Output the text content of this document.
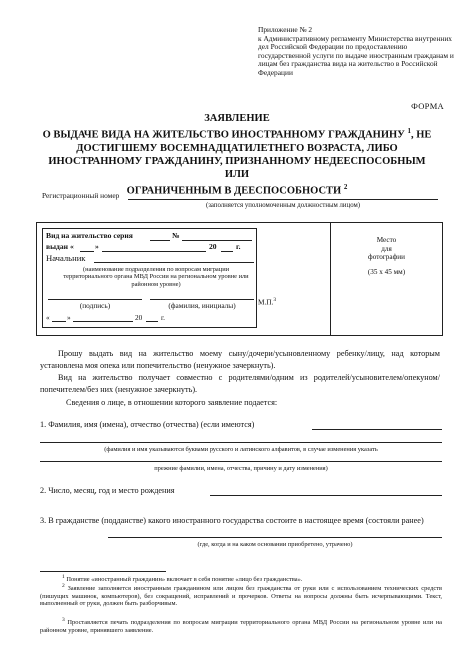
Приложение № 2
к Административному регламенту Министерства внутренних дел Российской Федерации по предоставлению государственной услуги по выдаче иностранным гражданам и лицам без гражданства вида на жительство в Российской Федерации
ФОРМА
ЗАЯВЛЕНИЕ
О ВЫДАЧЕ ВИДА НА ЖИТЕЛЬСТВО ИНОСТРАННОМУ ГРАЖДАНИНУ $^1$, НЕ ДОСТИГШЕМУ ВОСЕМНАДЦАТИЛЕТНЕГО ВОЗРАСТА, ЛИБО
ИНОСТРАННОМУ ГРАЖДАНИНУ, ПРИЗНАННОМУ НЕДЕЕСПОСОБНЫМ ИЛИ
ОГРАНИЧЕННЫМ В ДЕЕСПОСОБНОСТИ $^2$
Регистрационный номер
(заполняется уполномоченным должностным лицом)
Вид на жительство серия	№
выдан «	»	20	г.
Начальник
(наименование подразделения по вопросам миграции территориального органа МВД России на региональном уровне или районном уровне)
(подпись)	(фамилия, инициалы)
« »	20	г.
М.П.$^3$
Место
для
фотографии
(35 х 45 мм)
Прошу выдать вид на жительство моему сыну/дочери/усыновленному ребенку/лицу, над которым установлена моя опека или попечительство (ненужное зачеркнуть).
Вид на жительство получает совместно с родителями/одним из родителей/усыновителем/опекуном/попечителем/без них (ненужное зачеркнуть).
Сведения о лице, в отношении которого заявление подается:
1. Фамилия, имя (имена), отчество (отчества) (если имеются)
(фамилия и имя указываются буквами русского и латинского алфавитов, в случае изменения указать
прежние фамилии, имена, отчества, причину и дату изменения)
2. Число, месяц, год и место рождения
3. В гражданстве (подданстве) какого иностранного государства состоите в настоящее время (состояли ранее)
(где, когда и на каком основании приобретено, утрачено)
1 Понятие «иностранный гражданин» включает в себя понятие «лицо без гражданства».
2 Заявление заполняется иностранным гражданином или лицом без гражданства от руки или с использованием технических средств (пишущих машинок, компьютеров), без сокращений, исправлений и прочерков. Ответы на вопросы должны быть исчерпывающими. Текст, выполненный от руки, должен быть разборчивым.
3 Проставляется печать подразделения по вопросам миграции территориального органа МВД России на региональном уровне или на районном уровне, принявшего заявление.
